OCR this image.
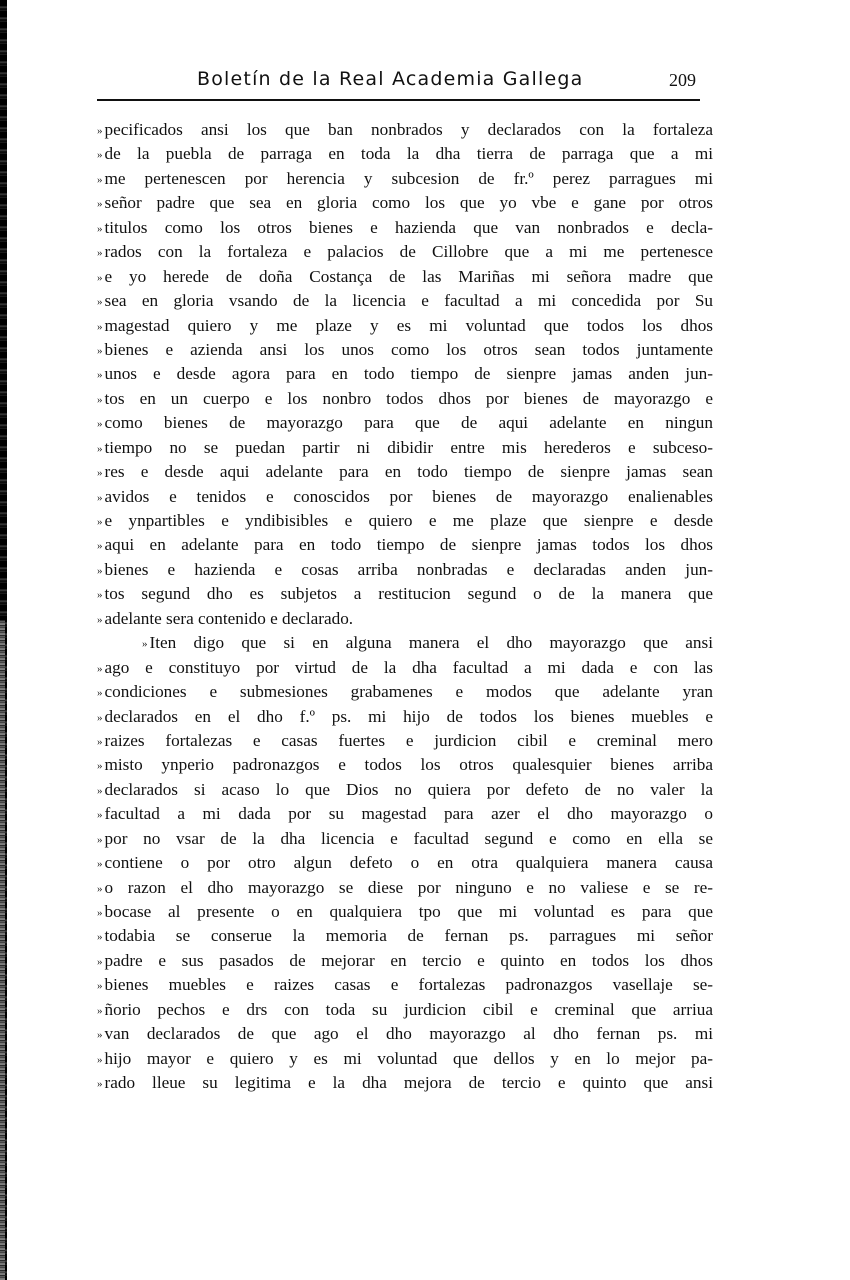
Boletín de la Real Academia Gallega	209
» pecificados ansi los que ban nonbrados y declarados con la fortaleza
» de la puebla de parraga en toda la dha tierra de parraga que a mi
» me pertenescen por herencia y subcesion de fr.º perez parragues mi
» señor padre que sea en gloria como los que yo vbe e gane por otros
» titulos como los otros bienes e hazienda que van nonbrados e decla-
» rados con la fortaleza e palacios de Cillobre que a mi me pertenesce
» e yo herede de doña Costança de las Mariñas mi señora madre que
» sea en gloria vsando de la licencia e facultad a mi concedida por Su
» magestad quiero y me plaze y es mi voluntad que todos los dhos
» bienes e azienda ansi los unos como los otros sean todos juntamente
» unos e desde agora para en todo tiempo de sienpre jamas anden jun-
» tos en un cuerpo e los nonbro todos dhos por bienes de mayorazgo e
» como bienes de mayorazgo para que de aqui adelante en ningun
» tiempo no se puedan partir ni dibidir entre mis herederos e subceso-
» res e desde aqui adelante para en todo tiempo de sienpre jamas sean
» avidos e tenidos e conoscidos por bienes de mayorazgo enalienables
» e ynpartibles e yndibisibles e quiero e me plaze que sienpre e desde
» aqui en adelante para en todo tiempo de sienpre jamas todos los dhos
» bienes e hazienda e cosas arriba nonbradas e declaradas anden jun-
» tos segund dho es subjetos a restitucion segund o de la manera que
» adelante sera contenido e declarado.
» Iten digo que si en alguna manera el dho mayorazgo que ansi
» ago e constituyo por virtud de la dha facultad a mi dada e con las
» condiciones e submesiones grabamenes e modos que adelante yran
» declarados en el dho f.º ps. mi hijo de todos los bienes muebles e
» raizes fortalezas e casas fuertes e jurdicion cibil e creminal mero
» misto ynperio padronazgos e todos los otros qualesquier bienes arriba
» declarados si acaso lo que Dios no quiera por defeto de no valer la
» facultad a mi dada por su magestad para azer el dho mayorazgo o
» por no vsar de la dha licencia e facultad segund e como en ella se
» contiene o por otro algun defeto o en otra qualquiera manera causa
» o razon el dho mayorazgo se diese por ninguno e no valiese e se re-
» bocase al presente o en qualquiera tpo que mi voluntad es para que
» todabia se conserue la memoria de fernan ps. parragues mi señor
» padre e sus pasados de mejorar en tercio e quinto en todos los dhos
» bienes muebles e raizes casas e fortalezas padronazgos vasellaje se-
» ñorio pechos e drs con toda su jurdicion cibil e creminal que arriua
» van declarados de que ago el dho mayorazgo al dho fernan ps. mi
» hijo mayor e quiero y es mi voluntad que dellos y en lo mejor pa-
» rado lleue su legitima e la dha mejora de tercio e quinto que ansi
